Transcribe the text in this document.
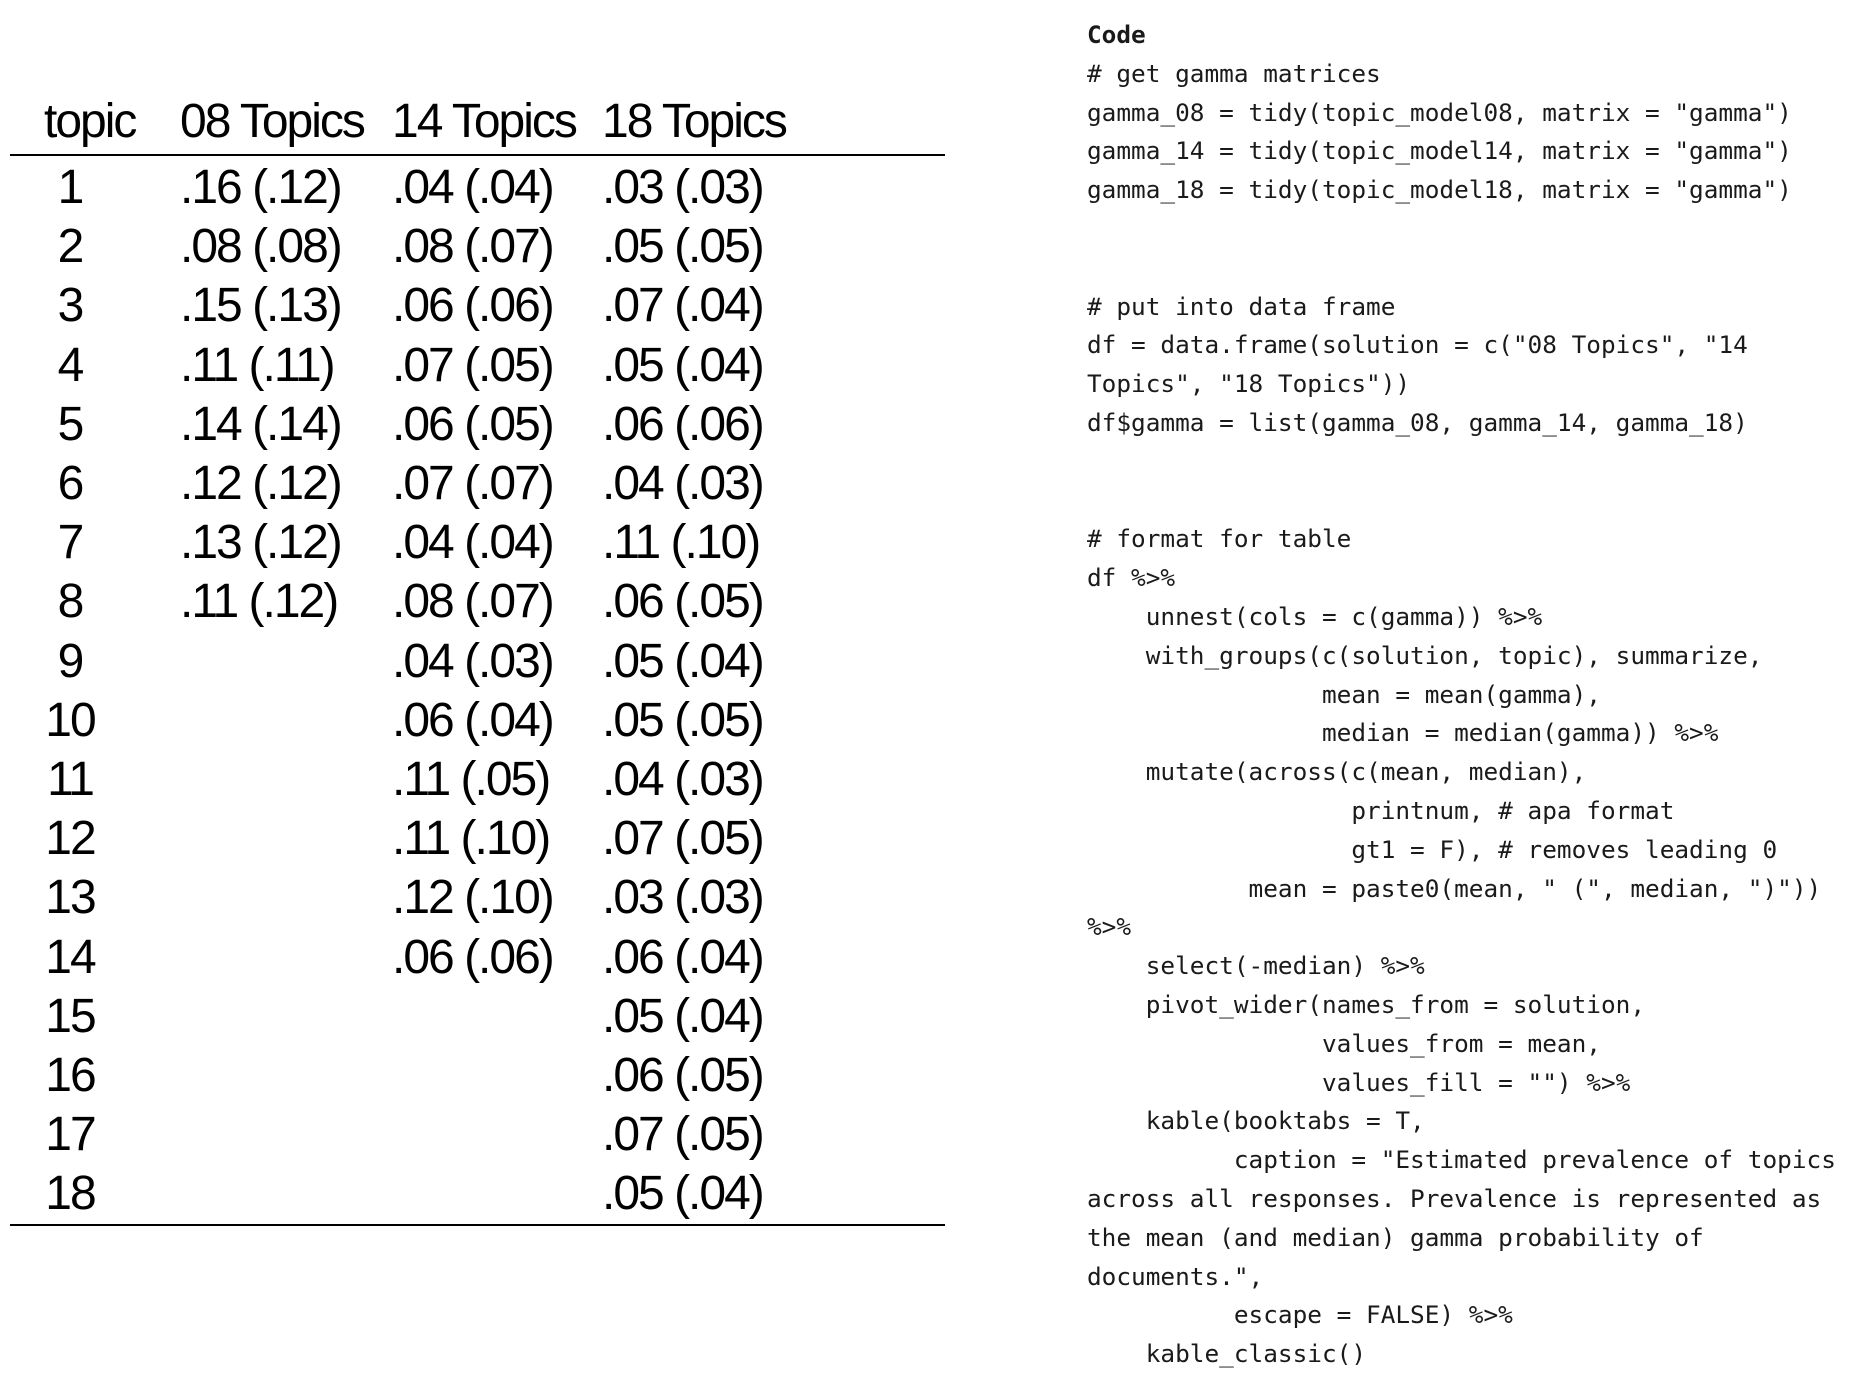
topic	08 Topics	14 Topics	18 Topics
1	.16 (.12)	.04 (.04)	.03 (.03)
2	.08 (.08)	.08 (.07)	.05 (.05)
3	.15 (.13)	.06 (.06)	.07 (.04)
4	.11 (.11)	.07 (.05)	.05 (.04)
5	.14 (.14)	.06 (.05)	.06 (.06)
6	.12 (.12)	.07 (.07)	.04 (.03)
7	.13 (.12)	.04 (.04)	.11 (.10)
8	.11 (.12)	.08 (.07)	.06 (.05)
9		.04 (.03)	.05 (.04)
10		.06 (.04)	.05 (.05)
11		.11 (.05)	.04 (.03)
12		.11 (.10)	.07 (.05)
13		.12 (.10)	.03 (.03)
14		.06 (.06)	.06 (.04)
15			.05 (.04)
16			.06 (.05)
17			.07 (.05)
18			.05 (.04)
Code
# get gamma matrices
gamma_08 = tidy(topic_model08, matrix = "gamma")
gamma_14 = tidy(topic_model14, matrix = "gamma")
gamma_18 = tidy(topic_model18, matrix = "gamma")

# put into data frame
df = data.frame(solution = c("08 Topics", "14
Topics", "18 Topics"))
df$gamma = list(gamma_08, gamma_14, gamma_18)

# format for table
df %>%
unnest(cols = c(gamma)) %>%
with_groups(c(solution, topic), summarize,
mean = mean(gamma),
median = median(gamma)) %>%
mutate(across(c(mean, median),
printnum, # apa format
gt1 = F), # removes leading 0
mean = paste0(mean, " (", median, ")"))
%>%
select(-median) %>%
pivot_wider(names_from = solution,
values_from = mean,
values_fill = "") %>%
kable(booktabs = T,
caption = "Estimated prevalence of topics
across all responses. Prevalence is represented as
the mean (and median) gamma probability of
documents.",
escape = FALSE) %>%
kable_classic()
